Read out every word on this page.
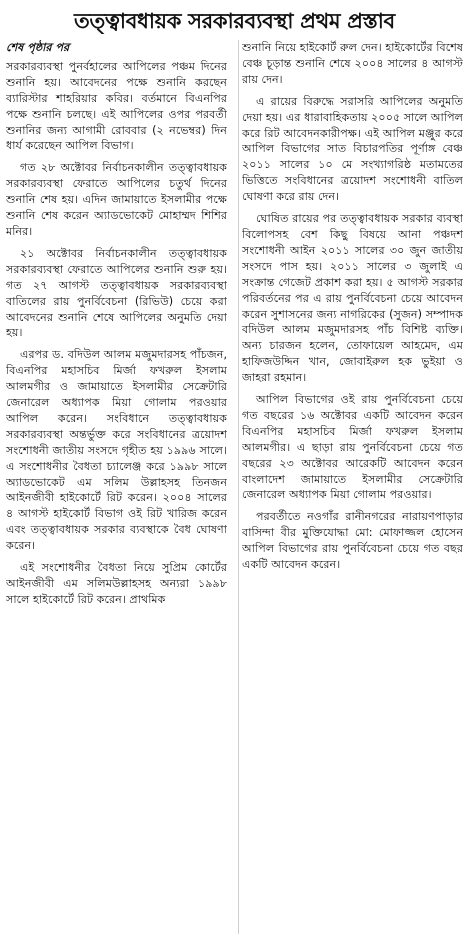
তত্ত্বাবধায়ক সরকারব্যবস্থা প্রথম প্রস্তাব
শেষ পৃষ্ঠার পর

সরকারব্যবস্থা পুনর্বহালের আপিলের পঞ্চম দিনের শুনানি হয়। আবেদনের পক্ষে শুনানি করছেন ব্যারিস্টার শাহরিয়ার কবির। বর্তমানে বিএনপির পক্ষে শুনানি চলছে। এই আপিলের ওপর পরবর্তী শুনানির জন্য আগামী রোববার (২ নভেম্বর) দিন ধার্য করেছেন আপিল বিভাগ।

গত ২৮ অক্টোবর নির্বাচনকালীন তত্ত্বাবধায়ক সরকারব্যবস্থা ফেরাতে আপিলের চতুর্থ দিনের শুনানি শেষ হয়। এদিন জামায়াতে ইসলামীর পক্ষে শুনানি শেষ করেন অ্যাডভোকেট মোহাম্মদ শিশির মনির।

২১ অক্টোবর নির্বাচনকালীন তত্ত্বাবধায়ক সরকারব্যবস্থা ফেরাতে আপিলের শুনানি শুরু হয়। গত ২৭ আগস্ট তত্ত্বাবধায়ক সরকারব্যবস্থা বাতিলের রায় পুনর্বিবেচনা (রিভিউ) চেয়ে করা আবেদনের শুনানি শেষে আপিলের অনুমতি দেয়া হয়।

এরপর ড. বদিউল আলম মজুমদারসহ পাঁচজন, বিএনপির মহাসচিব মির্জা ফখরুল ইসলাম আলমগীর ও জামায়াতে ইসলামীর সেক্রেটারি জেনারেল অধ্যাপক মিয়া গোলাম পরওয়ার আপিল করেন। সংবিধানে তত্ত্বাবধায়ক সরকারব্যবস্থা অন্তর্ভুক্ত করে সংবিধানের ত্রয়োদশ সংশোধনী জাতীয় সংসদে গৃহীত হয় ১৯৯৬ সালে। এ সংশোধনীর বৈধতা চ্যালেঞ্জ করে ১৯৯৮ সালে অ্যাডভোকেট এম সলিম উল্লাহসহ তিনজন আইনজীবী হাইকোর্টে রিট করেন। ২০০৪ সালের ৪ আগস্ট হাইকোর্ট বিভাগ ওই রিট খারিজ করেন এবং তত্ত্বাবধায়ক সরকার ব্যবস্থাকে বৈধ ঘোষণা করেন।

এই সংশোধনীর বৈধতা নিয়ে সুপ্রিম কোর্টের আইনজীবী এম সলিমউল্লাহসহ অন্যরা ১৯৯৮ সালে হাইকোর্টে রিট করেন। প্রাথমিক

শুনানি নিয়ে হাইকোর্ট রুল দেন। হাইকোর্টের বিশেষ বেঞ্চ চূড়ান্ত শুনানি শেষে ২০০৪ সালের ৪ আগস্ট রায় দেন।

এ রায়ের বিরুদ্ধে সরাসরি আপিলের অনুমতি দেয়া হয়। এর ধারাবাহিকতায় ২০০৫ সালে আপিল করে রিট আবেদনকারীপক্ষ। এই আপিল মঞ্জুর করে আপিল বিভাগের সাত বিচারপতির পূর্ণাঙ্গ বেঞ্চ ২০১১ সালের ১০ মে সংখ্যাগরিষ্ঠ মতামতের ভিত্তিতে সংবিধানের ত্রয়োদশ সংশোধনী বাতিল ঘোষণা করে রায় দেন।

ঘোষিত রায়ের পর তত্ত্বাবধায়ক সরকার ব্যবস্থা বিলোপসহ বেশ কিছু বিষয়ে আনা পঞ্চদশ সংশোধনী আইন ২০১১ সালের ৩০ জুন জাতীয় সংসদে পাস হয়। ২০১১ সালের ৩ জুলাই এ সংক্রান্ত গেজেট প্রকাশ করা হয়। ৫ আগস্ট সরকার পরিবর্তনের পর এ রায় পুনর্বিবেচনা চেয়ে আবেদন করেন সুশাসনের জন্য নাগরিকের (সুজন) সম্পাদক বদিউল আলম মজুমদারসহ পাঁচ বিশিষ্ট ব্যক্তি। অন্য চারজন হলেন, তোফায়েল আহমেদ, এম হাফিজউদ্দিন খান, জোবাইরুল হক ভুইয়া ও জাহরা রহমান।

আপিল বিভাগের ওই রায় পুনর্বিবেচনা চেয়ে গত বছরের ১৬ অক্টোবর একটি আবেদন করেন বিএনপির মহাসচিব মির্জা ফখরুল ইসলাম আলমগীর। এ ছাড়া রায় পুনর্বিবেচনা চেয়ে গত বছরের ২৩ অক্টোবর আরেকটি আবেদন করেন বাংলাদেশ জামায়াতে ইসলামীর সেক্রেটারি জেনারেল অধ্যাপক মিয়া গোলাম পরওয়ার।

পরবর্তীতে নওগাঁর রানীনগরের নারায়ণপাড়ার বাসিন্দা বীর মুক্তিযোদ্ধা মো: মোফাজ্জল হোসেন আপিল বিভাগের রায় পুনর্বিবেচনা চেয়ে গত বছর একটি আবেদন করেন।
